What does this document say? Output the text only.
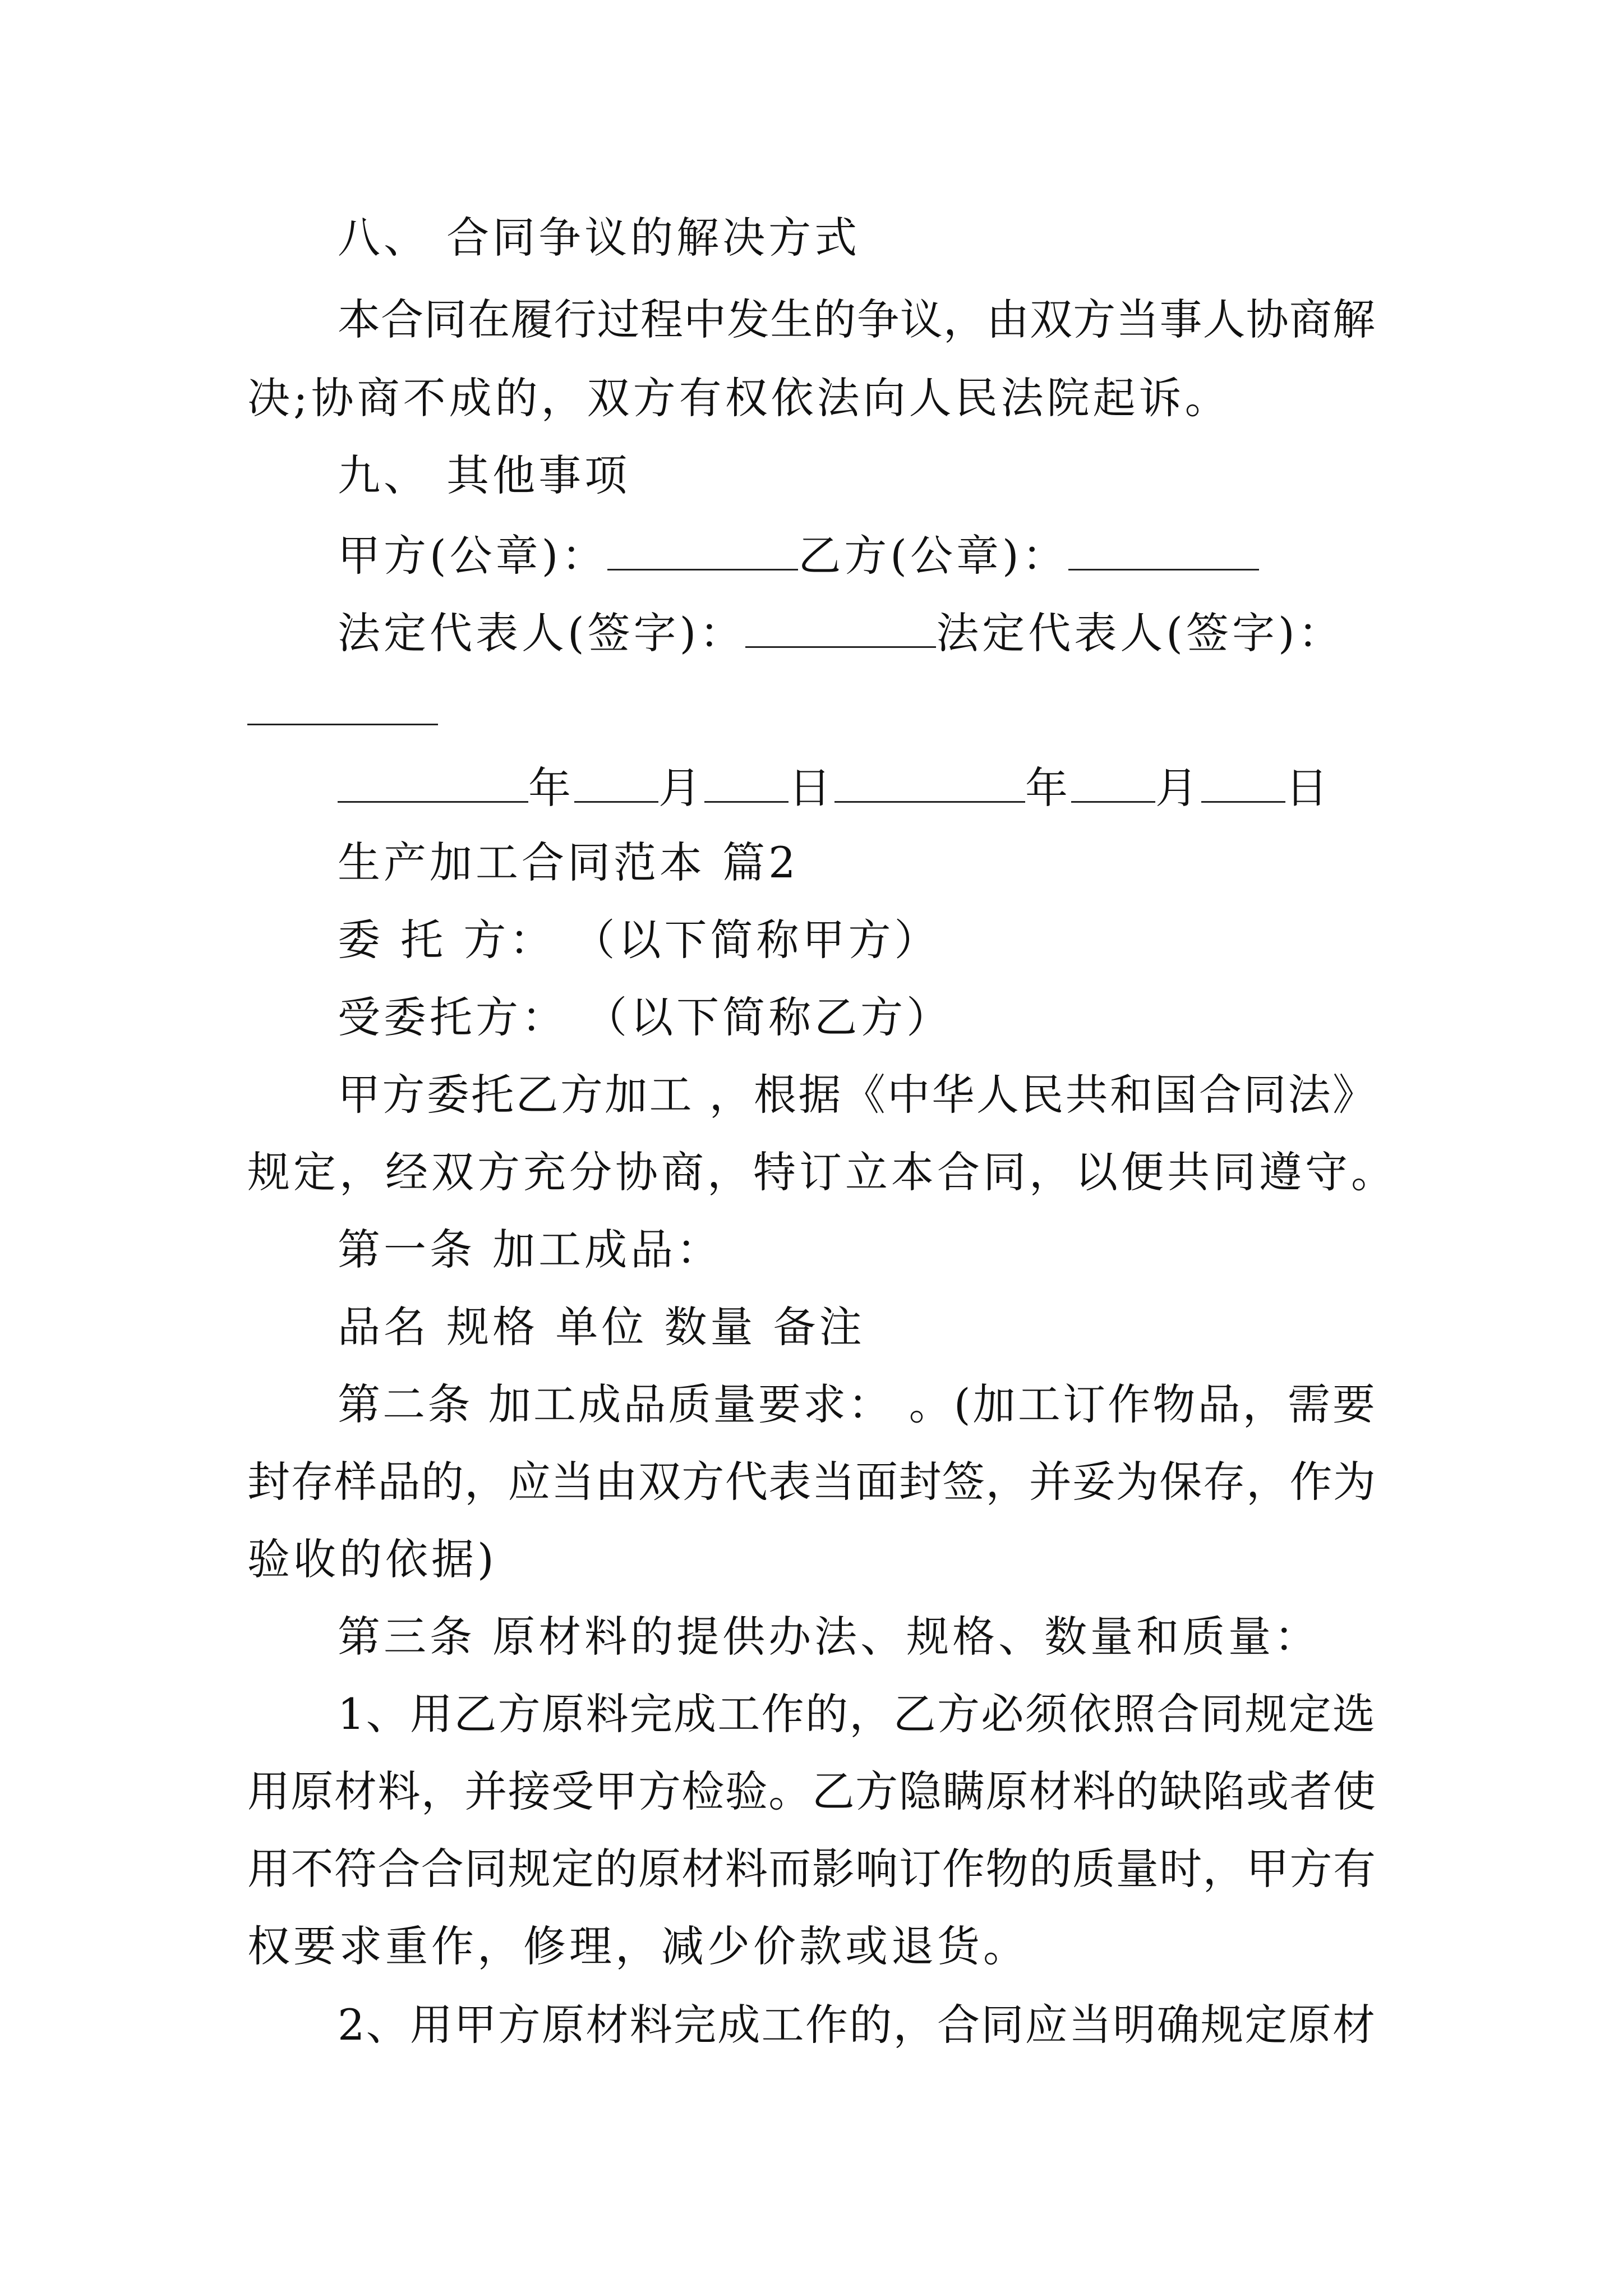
八、 合同争议的解决方式
本合同在履行过程中发生的争议，由双方当事人协商解
决;协商不成的，双方有权依法向人民法院起诉。
九、 其他事项
甲方(公章)：	乙方(公章)：
法定代表人(签字)：	法定代表人(签字)：
年 月 日	年 月 日
生产加工合同范本 篇2
委 托 方： （以下简称甲方）
受委托方： （以下简称乙方）
甲方委托乙方加工 ，根据《中华人民共和国合同法》
规定，经双方充分协商，特订立本合同，以便共同遵守。
第一条 加工成品：
品名 规格 单位 数量 备注
第二条 加工成品质量要求： 。(加工订作物品，需要
封存样品的，应当由双方代表当面封签，并妥为保存，作为
验收的依据)
第三条 原材料的提供办法、规格、数量和质量：
1、用乙方原料完成工作的，乙方必须依照合同规定选
用原材料，并接受甲方检验。乙方隐瞒原材料的缺陷或者使
用不符合合同规定的原材料而影响订作物的质量时，甲方有
权要求重作，修理，减少价款或退货。
2、用甲方原材料完成工作的，合同应当明确规定原材
